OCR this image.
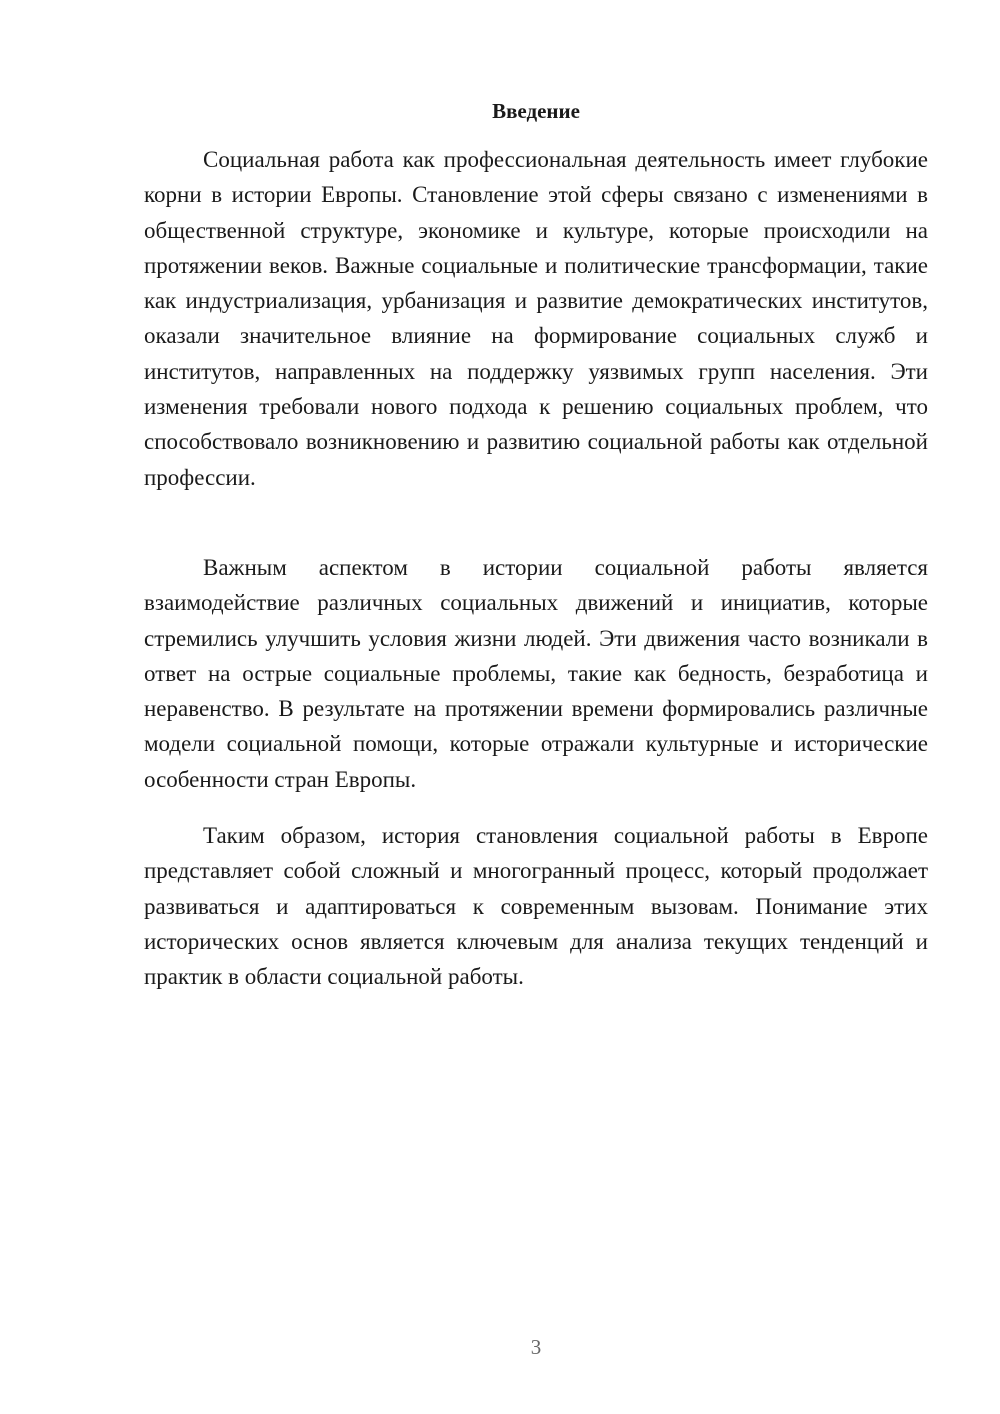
Введение

Социальная работа как профессиональная деятельность имеет глубокие корни в истории Европы. Становление этой сферы связано с изменениями в общественной структуре, экономике и культуре, которые происходили на протяжении веков. Важные социальные и политические трансформации, такие как индустриализация, урбанизация и развитие демократических институтов, оказали значительное влияние на формирование социальных служб и институтов, направленных на поддержку уязвимых групп населения. Эти изменения требовали нового подхода к решению социальных проблем, что способствовало возникновению и развитию социальной работы как отдельной профессии.

Важным аспектом в истории социальной работы является взаимодействие различных социальных движений и инициатив, которые стремились улучшить условия жизни людей. Эти движения часто возникали в ответ на острые социальные проблемы, такие как бедность, безработица и неравенство. В результате на протяжении времени формировались различные модели социальной помощи, которые отражали культурные и исторические особенности стран Европы.

Таким образом, история становления социальной работы в Европе представляет собой сложный и многогранный процесс, который продолжает развиваться и адаптироваться к современным вызовам. Понимание этих исторических основ является ключевым для анализа текущих тенденций и практик в области социальной работы.

3
